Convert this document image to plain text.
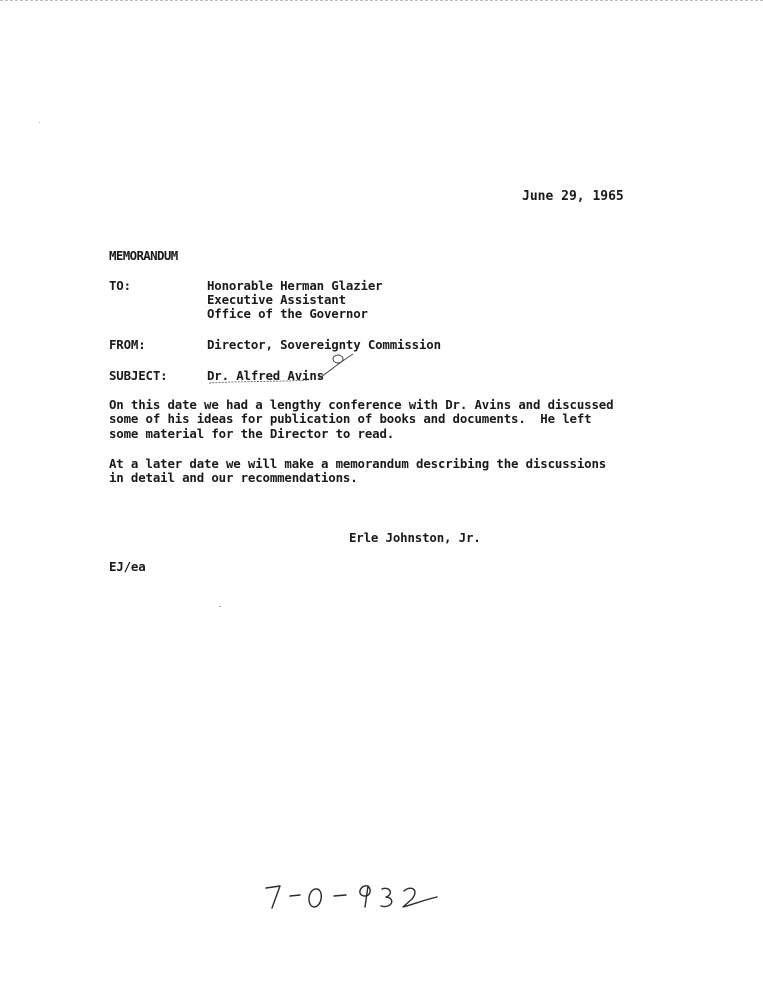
June 29, 1965
MEMORANDUM
TO:	Honorable Herman Glazier
Executive Assistant
Office of the Governor
FROM:	Director, Sovereignty Commission
SUBJECT:	Dr. Alfred Avins
On this date we had a lengthy conference with Dr. Avins and discussed
some of his ideas for publication of books and documents.  He left
some material for the Director to read.
At a later date we will make a memorandum describing the discussions
in detail and our recommendations.
Erle Johnston, Jr.
EJ/ea
